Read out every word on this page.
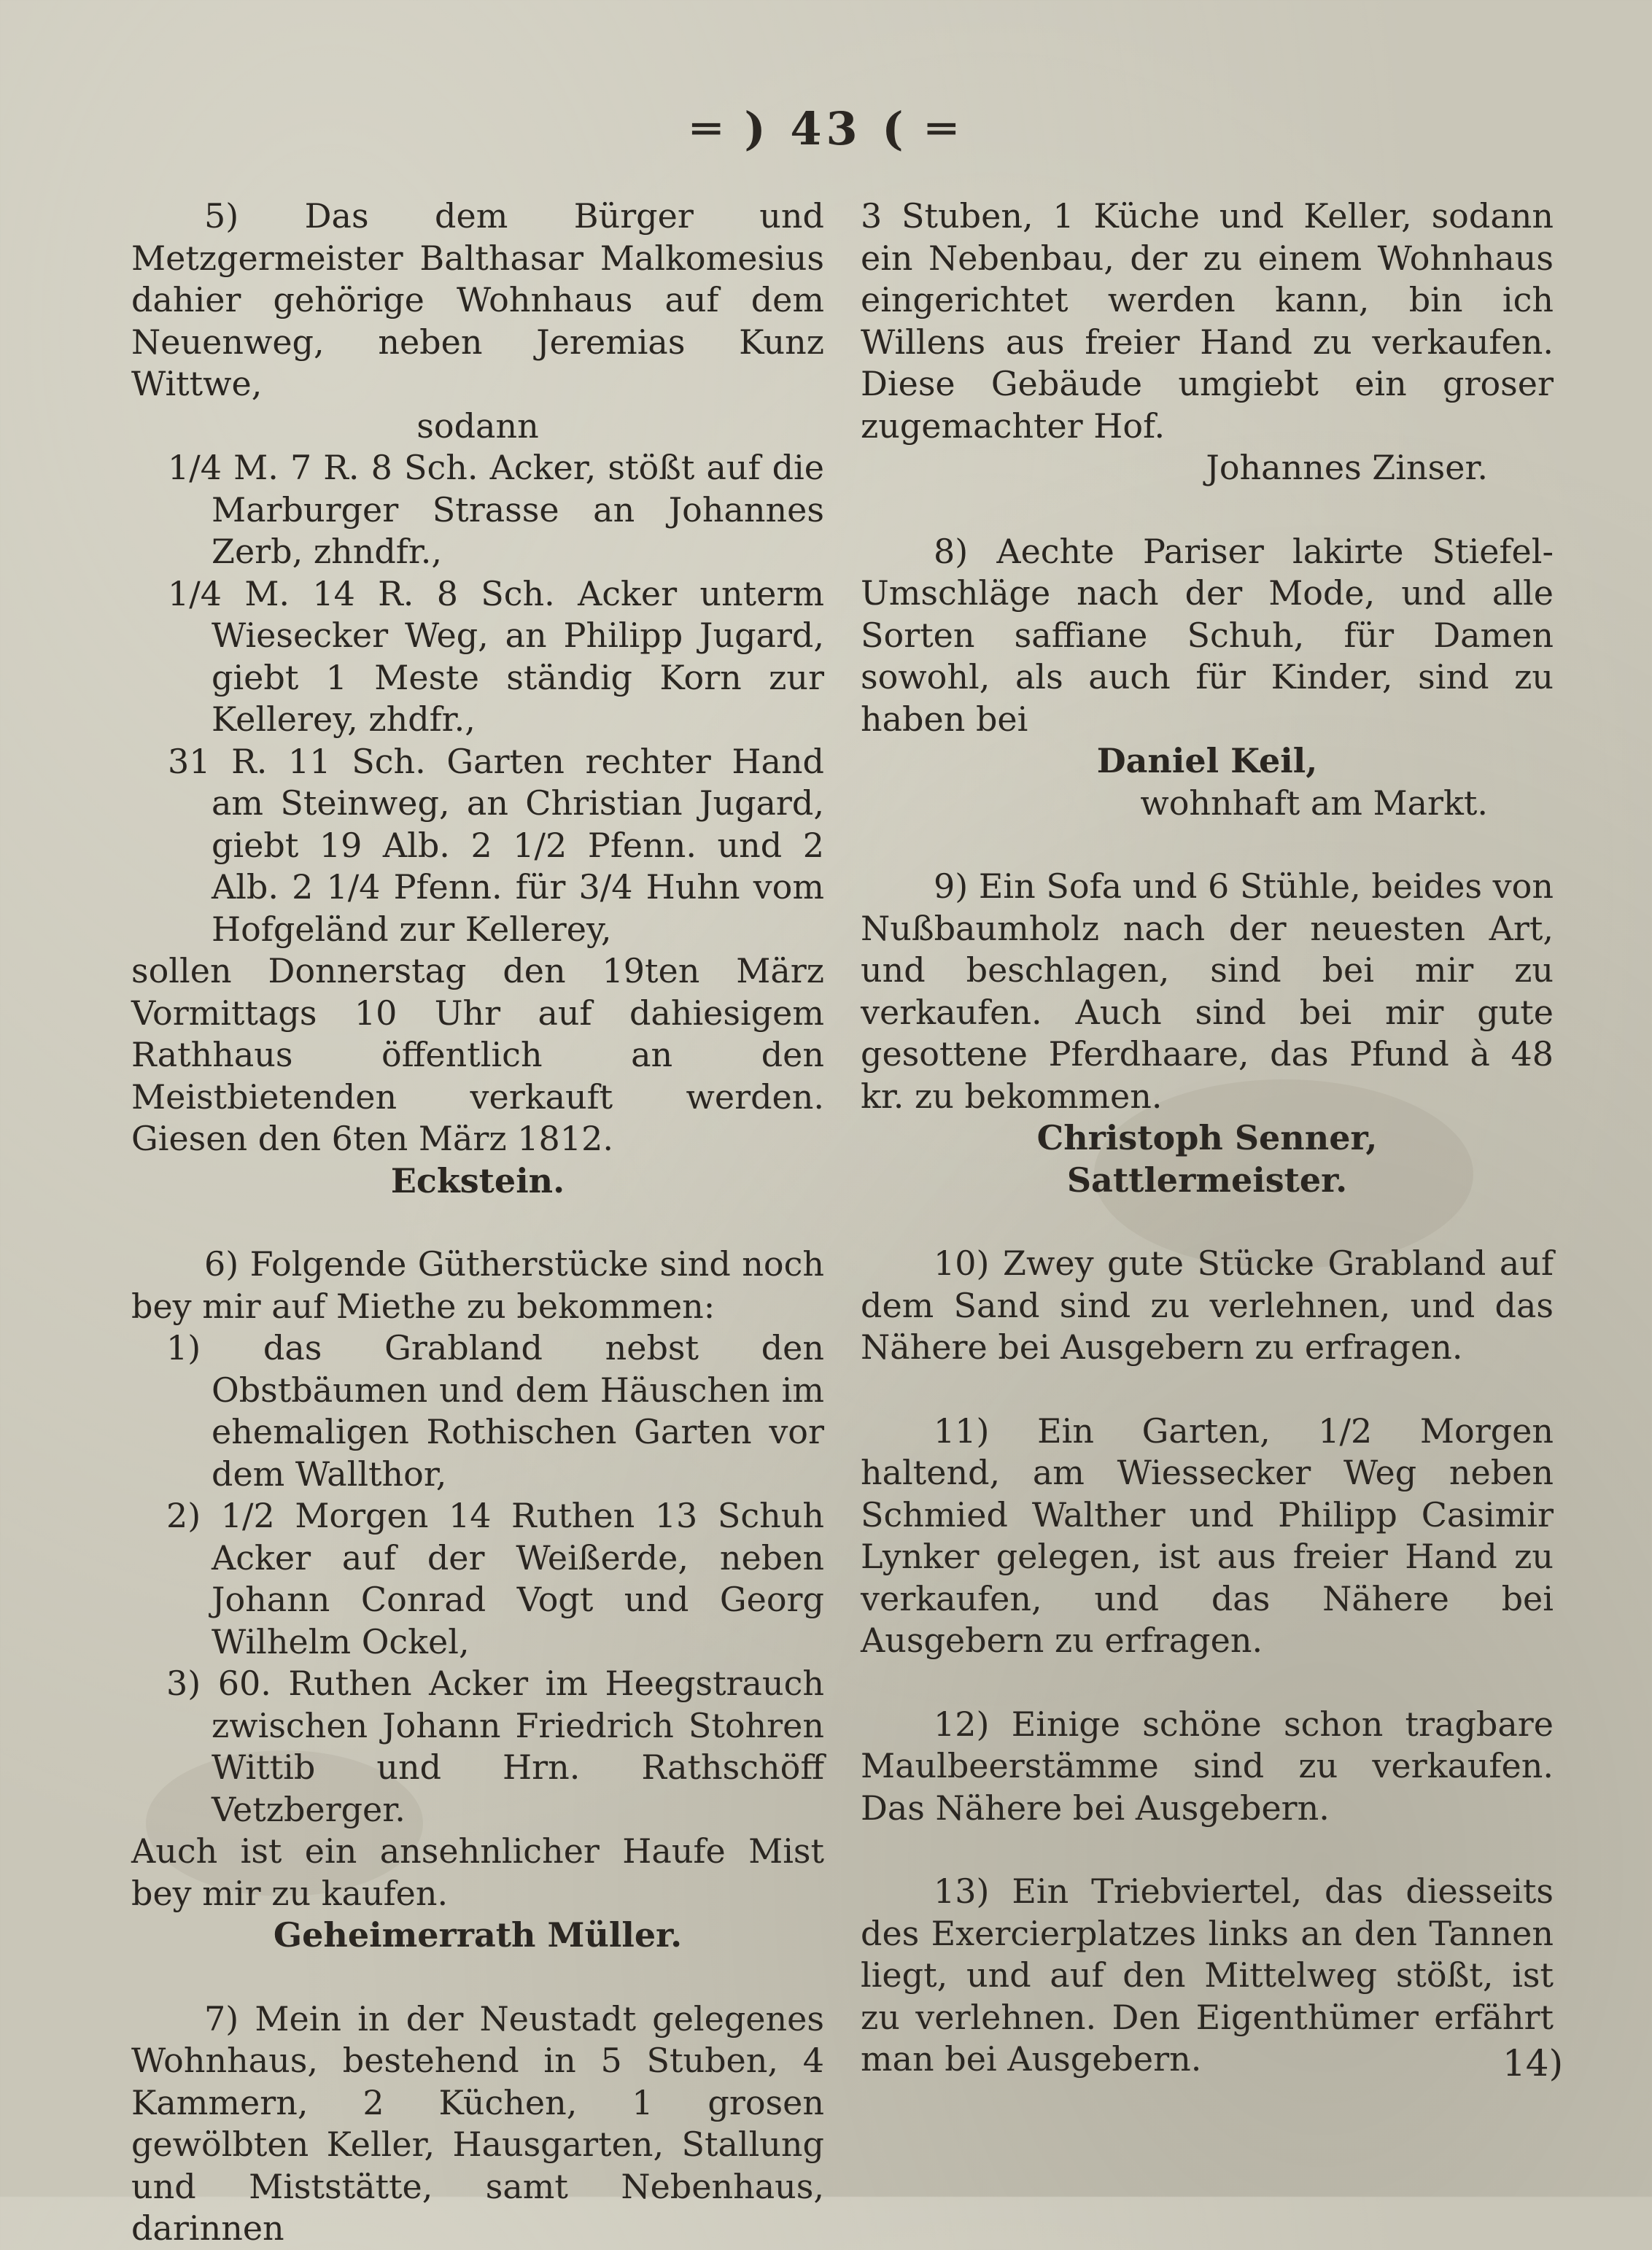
═ ) 43 ( ═

5) Das dem Bürger und Metzgermeister Balthasar Malkomesius dahier gehörige Wohnhaus auf dem Neuenweg, neben Jeremias Kunz Wittwe,

sodann

1/4 M. 7 R. 8 Sch. Acker, stößt auf die Marburger Strasse an Johannes Zerb, zhndfr.,

1/4 M. 14 R. 8 Sch. Acker unterm Wiesecker Weg, an Philipp Jugard, giebt 1 Meste ständig Korn zur Kellerey, zhdfr.,

31 R. 11 Sch. Garten rechter Hand am Steinweg, an Christian Jugard, giebt 19 Alb. 2 1/2 Pfenn. und 2 Alb. 2 1/4 Pfenn. für 3/4 Huhn vom Hofgeländ zur Kellerey,

sollen Donnerstag den 19ten März Vormittags 10 Uhr auf dahiesigem Rathhaus öffentlich an den Meistbietenden verkauft werden. Giesen den 6ten März 1812.

Eckstein.

6) Folgende Gütherstücke sind noch bey mir auf Miethe zu bekommen:

1) das Grabland nebst den Obstbäumen und dem Häuschen im ehemaligen Rothischen Garten vor dem Wallthor,

2) 1/2 Morgen 14 Ruthen 13 Schuh Acker auf der Weißerde, neben Johann Conrad Vogt und Georg Wilhelm Ockel,

3) 60. Ruthen Acker im Heegstrauch zwischen Johann Friedrich Stohren Wittib und Hrn. Rathschöff Vetzberger.

Auch ist ein ansehnlicher Haufe Mist bey mir zu kaufen.

Geheimerrath Müller.

7) Mein in der Neustadt gelegenes Wohnhaus, bestehend in 5 Stuben, 4 Kammern, 2 Küchen, 1 grosen gewölbten Keller, Hausgarten, Stallung und Miststätte, samt Nebenhaus, darinnen

3 Stuben, 1 Küche und Keller, sodann ein Nebenbau, der zu einem Wohnhaus eingerichtet werden kann, bin ich Willens aus freier Hand zu verkaufen. Diese Gebäude umgiebt ein groser zugemachter Hof.

Johannes Zinser.

8) Aechte Pariser lakirte Stiefel-Umschläge nach der Mode, und alle Sorten saffiane Schuh, für Damen sowohl, als auch für Kinder, sind zu haben bei

Daniel Keil,

wohnhaft am Markt.

9) Ein Sofa und 6 Stühle, beides von Nußbaumholz nach der neuesten Art, und beschlagen, sind bei mir zu verkaufen. Auch sind bei mir gute gesottene Pferdhaare, das Pfund à 48 kr. zu bekommen.

Christoph Senner,

Sattlermeister.

10) Zwey gute Stücke Grabland auf dem Sand sind zu verlehnen, und das Nähere bei Ausgebern zu erfragen.

11) Ein Garten, 1/2 Morgen haltend, am Wiessecker Weg neben Schmied Walther und Philipp Casimir Lynker gelegen, ist aus freier Hand zu verkaufen, und das Nähere bei Ausgebern zu erfragen.

12) Einige schöne schon tragbare Maulbeerstämme sind zu verkaufen. Das Nähere bei Ausgebern.

13) Ein Triebviertel, das diesseits des Exercierplatzes links an den Tannen liegt, und auf den Mittelweg stößt, ist zu verlehnen. Den Eigenthümer erfährt man bei Ausgebern.	14)
